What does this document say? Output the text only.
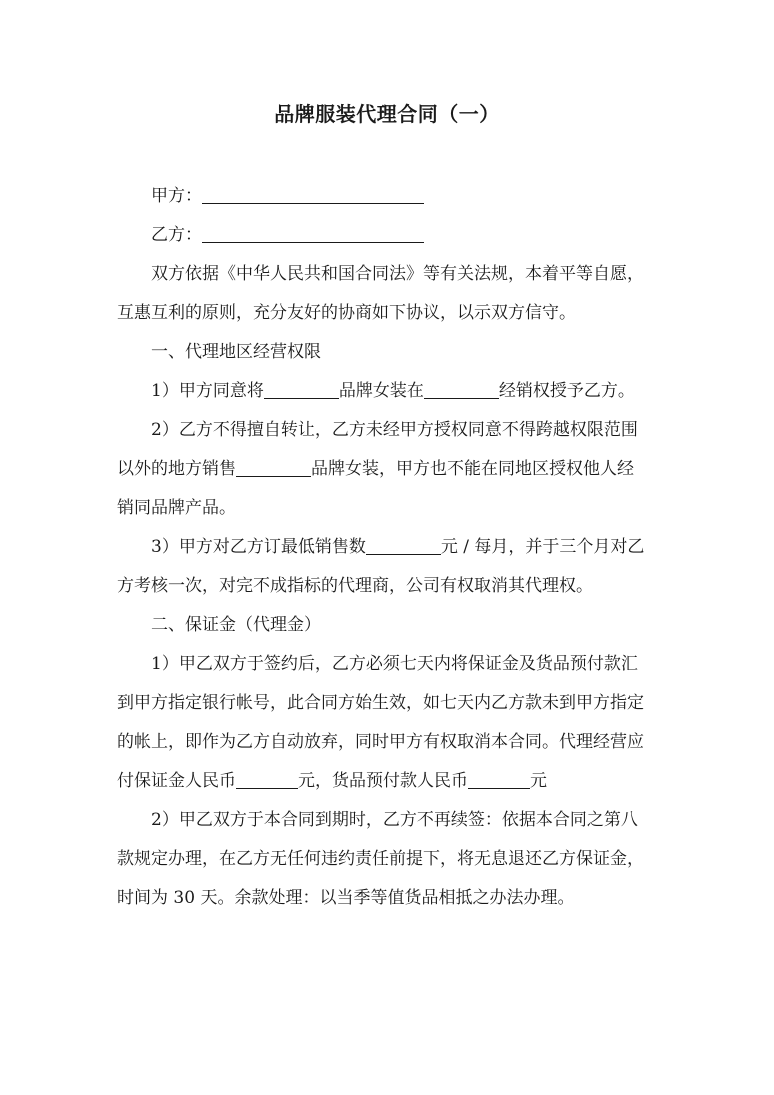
品牌服装代理合同（一）
甲方：
乙方：
双方依据《中华人民共和国合同法》等有关法规，本着平等自愿，
互惠互利的原则，充分友好的协商如下协议，以示双方信守。
一、代理地区经营权限
1）甲方同意将	品牌女装在	经销权授予乙方。
2）乙方不得擅自转让，乙方未经甲方授权同意不得跨越权限范围
以外的地方销售	品牌女装，甲方也不能在同地区授权他人经
销同品牌产品。
3）甲方对乙方订最低销售数	元 / 每月，并于三个月对乙
方考核一次，对完不成指标的代理商，公司有权取消其代理权。
二、保证金（代理金）
1）甲乙双方于签约后，乙方必须七天内将保证金及货品预付款汇
到甲方指定银行帐号，此合同方始生效，如七天内乙方款未到甲方指定
的帐上，即作为乙方自动放弃，同时甲方有权取消本合同。代理经营应
付保证金人民币	元，货品预付款人民币	元
2）甲乙双方于本合同到期时，乙方不再续签：依据本合同之第八
款规定办理，在乙方无任何违约责任前提下，将无息退还乙方保证金，
时间为 30 天。余款处理：以当季等值货品相抵之办法办理。
